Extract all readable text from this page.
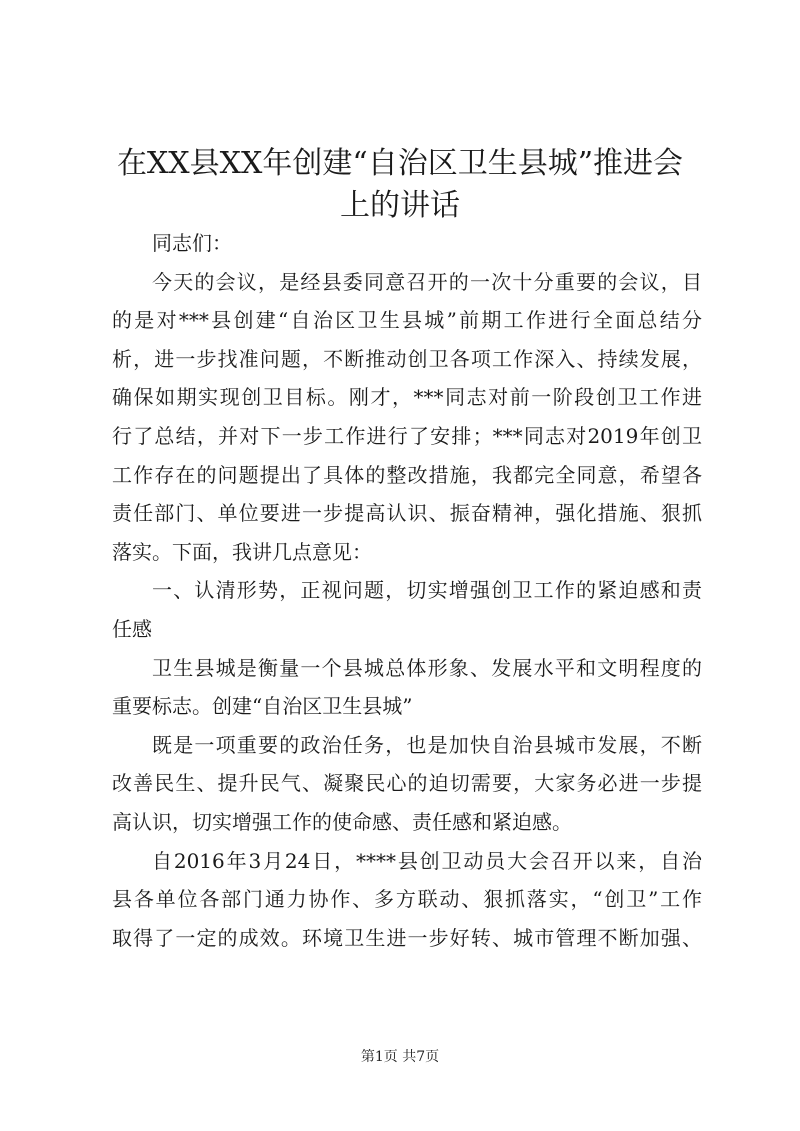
在XX县XX年创建“自治区卫生县城”推进会
上的讲话
同志们：
今天的会议，是经县委同意召开的一次十分重要的会议，目
的是对***县创建“自治区卫生县城”前期工作进行全面总结分
析，进一步找准问题，不断推动创卫各项工作深入、持续发展，
确保如期实现创卫目标。刚才，***同志对前一阶段创卫工作进
行了总结，并对下一步工作进行了安排；***同志对2019年创卫
工作存在的问题提出了具体的整改措施，我都完全同意，希望各
责任部门、单位要进一步提高认识、振奋精神，强化措施、狠抓
落实。下面，我讲几点意见：
一、认清形势，正视问题，切实增强创卫工作的紧迫感和责
任感
卫生县城是衡量一个县城总体形象、发展水平和文明程度的
重要标志。创建“自治区卫生县城”
既是一项重要的政治任务，也是加快自治县城市发展，不断
改善民生、提升民气、凝聚民心的迫切需要，大家务必进一步提
高认识，切实增强工作的使命感、责任感和紧迫感。
自2016年3月24日，****县创卫动员大会召开以来，自治
县各单位各部门通力协作、多方联动、狠抓落实，“创卫”工作
取得了一定的成效。环境卫生进一步好转、城市管理不断加强、
第1页 共7页
